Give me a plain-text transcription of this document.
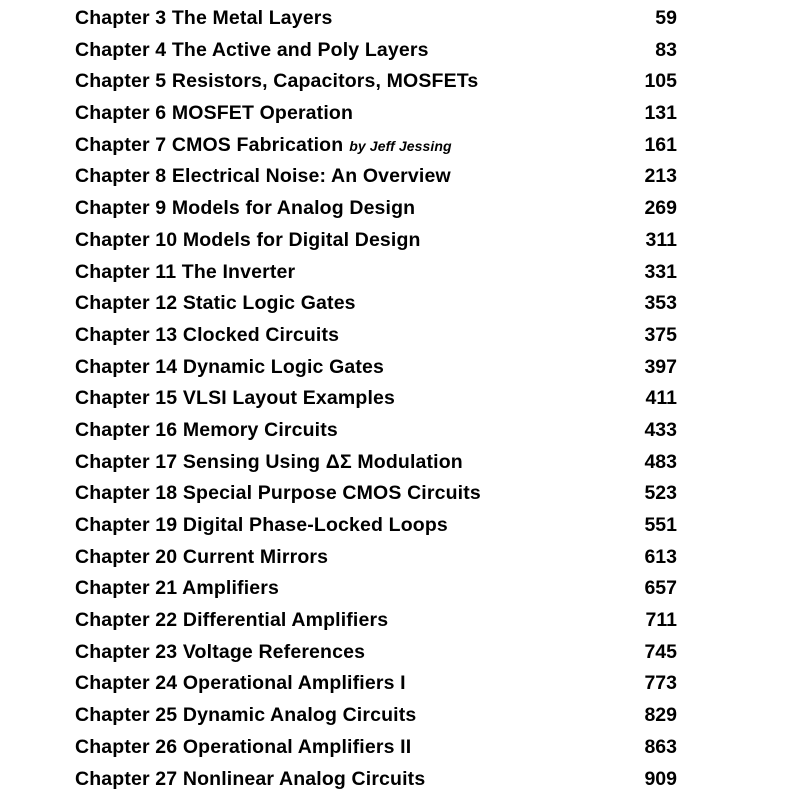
Chapter 3 The Metal Layers	59
Chapter 4 The Active and Poly Layers	83
Chapter 5 Resistors, Capacitors, MOSFETs	105
Chapter 6 MOSFET Operation	131
Chapter 7 CMOS Fabrication by Jeff Jessing	161
Chapter 8 Electrical Noise: An Overview	213
Chapter 9 Models for Analog Design	269
Chapter 10 Models for Digital Design	311
Chapter 11 The Inverter	331
Chapter 12 Static Logic Gates	353
Chapter 13 Clocked Circuits	375
Chapter 14 Dynamic Logic Gates	397
Chapter 15 VLSI Layout Examples	411
Chapter 16 Memory Circuits	433
Chapter 17 Sensing Using ΔΣ Modulation	483
Chapter 18 Special Purpose CMOS Circuits	523
Chapter 19 Digital Phase-Locked Loops	551
Chapter 20 Current Mirrors	613
Chapter 21 Amplifiers	657
Chapter 22 Differential Amplifiers	711
Chapter 23 Voltage References	745
Chapter 24 Operational Amplifiers I	773
Chapter 25 Dynamic Analog Circuits	829
Chapter 26 Operational Amplifiers II	863
Chapter 27 Nonlinear Analog Circuits	909
